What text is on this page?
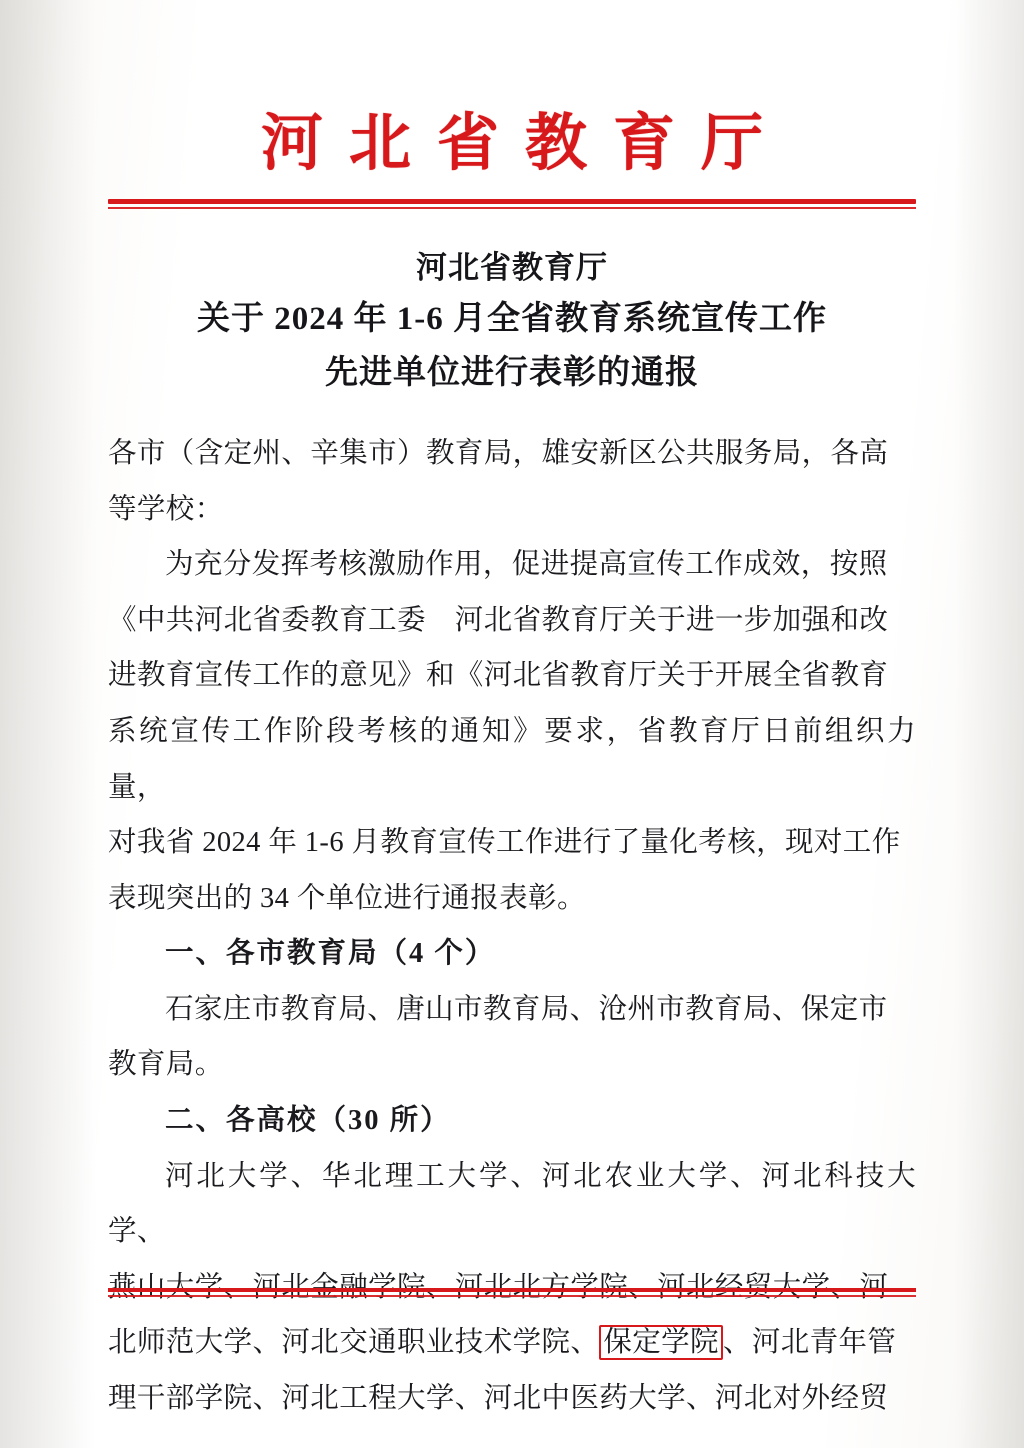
河北省教育厅
河北省教育厅
关于 2024 年 1-6 月全省教育系统宣传工作
先进单位进行表彰的通报

各市（含定州、辛集市）教育局，雄安新区公共服务局，各高

等学校：

为充分发挥考核激励作用，促进提高宣传工作成效，按照

《中共河北省委教育工委　河北省教育厅关于进一步加强和改

进教育宣传工作的意见》和《河北省教育厅关于开展全省教育

系统宣传工作阶段考核的通知》要求，省教育厅日前组织力量，

对我省 2024 年 1-6 月教育宣传工作进行了量化考核，现对工作

表现突出的 34 个单位进行通报表彰。

一、各市教育局（4 个）

石家庄市教育局、唐山市教育局、沧州市教育局、保定市

教育局。

二、各高校（30 所）

河北大学、华北理工大学、河北农业大学、河北科技大学、

北师范大学、河北交通职业技术学院、 保定学院 、河北青年管

理干部学院、河北工程大学、河北中医药大学、河北对外经贸
